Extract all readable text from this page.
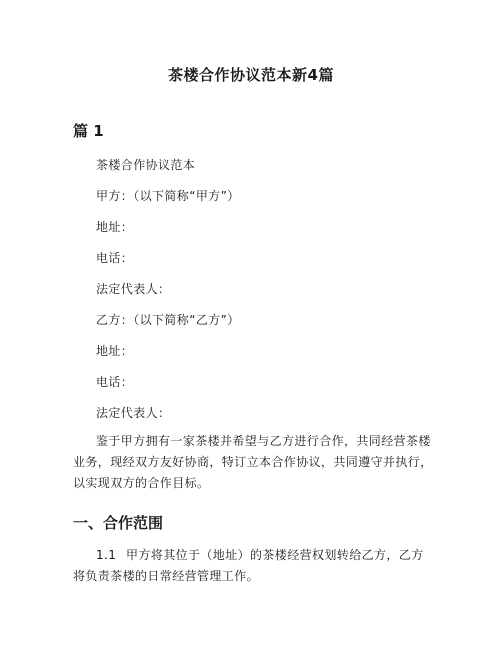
茶楼合作协议范本新4篇
篇 1
茶楼合作协议范本
甲方：（以下简称“甲方”）
地址：
电话：
法定代表人：
乙方：（以下简称“乙方”）
地址：
电话：
法定代表人：
鉴于甲方拥有一家茶楼并希望与乙方进行合作，共同经营茶楼业务，现经双方友好协商，特订立本合作协议，共同遵守并执行，以实现双方的合作目标。
一、合作范围
1.1 甲方将其位于（地址）的茶楼经营权划转给乙方，乙方将负责茶楼的日常经营管理工作。
